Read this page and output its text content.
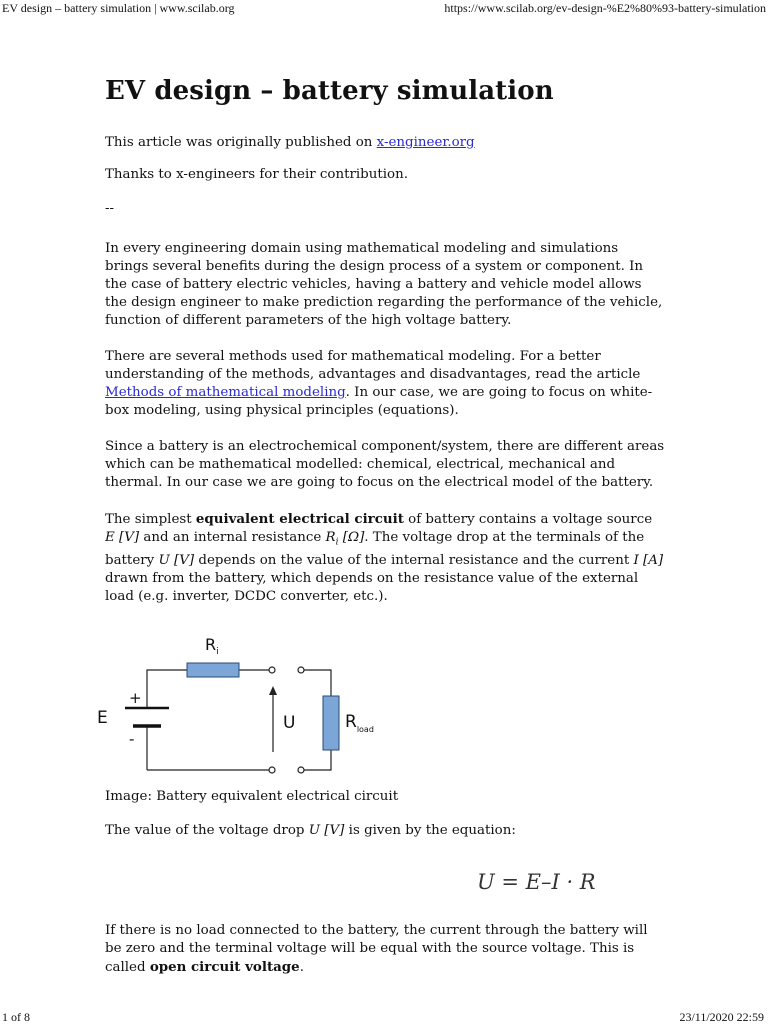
EV design – battery simulation | www.scilab.org	https://www.scilab.org/ev-design-%E2%80%93-battery-simulation
EV design – battery simulation

This article was originally published on x-engineer.org

Thanks to x-engineers for their contribution.

--

In every engineering domain using mathematical modeling and simulations brings several benefits during the design process of a system or component. In the case of battery electric vehicles, having a battery and vehicle model allows the design engineer to make prediction regarding the performance of the vehicle, function of different parameters of the high voltage battery.

There are several methods used for mathematical modeling. For a better understanding of the methods, advantages and disadvantages, read the article Methods of mathematical modeling. In our case, we are going to focus on white-box modeling, using physical principles (equations).

Since a battery is an electrochemical component/system, there are different areas which can be mathematical modelled: chemical, electrical, mechanical and thermal. In our case we are going to focus on the electrical model of the battery.

The simplest equivalent electrical circuit of battery contains a voltage source E [V] and an internal resistance $R_i$ [Ω]. The voltage drop at the terminals of the battery U [V] depends on the value of the internal resistance and the current I [A] drawn from the battery, which depends on the resistance value of the external load (e.g. inverter, DCDC converter, etc.).

$R_i$
E
+
-
U	$R_{load}$

Image: Battery equivalent electrical circuit

The value of the voltage drop U [V] is given by the equation:

U = E–I · R

If there is no load connected to the battery, the current through the battery will be zero and the terminal voltage will be equal with the source voltage. This is called open circuit voltage.

1 of 8	23/11/2020 22:59
